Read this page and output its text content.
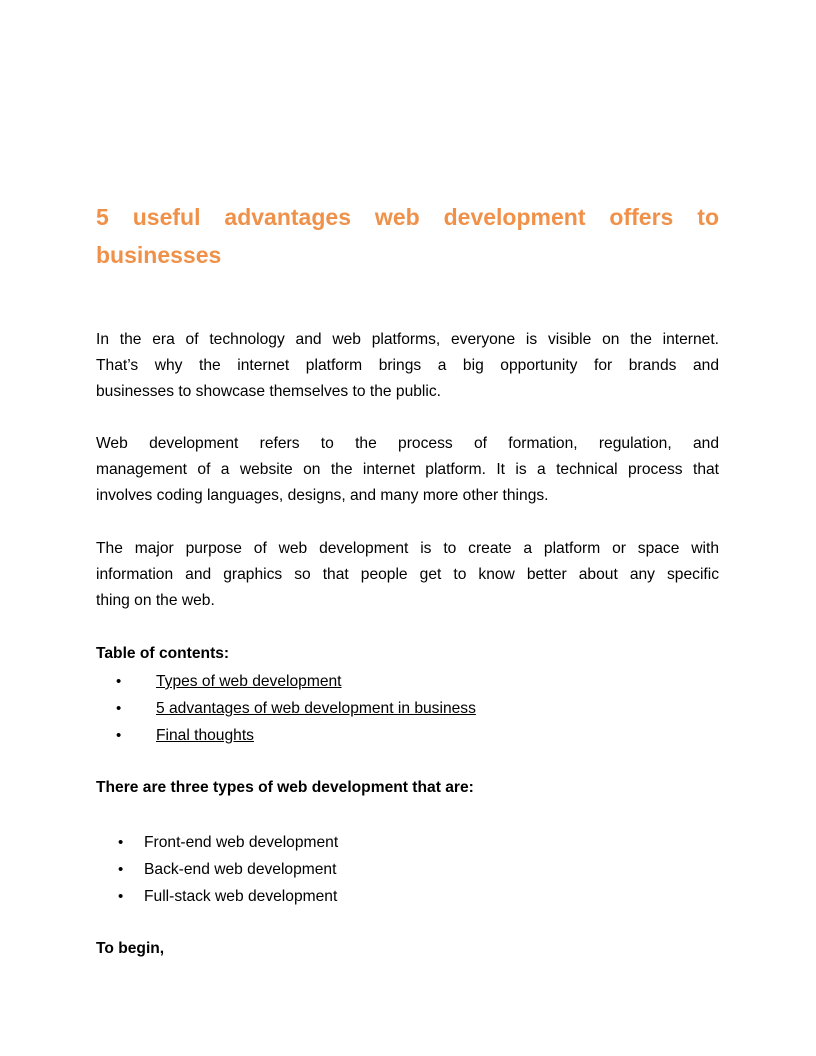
5 useful advantages web development offers to
businesses

In the era of technology and web platforms, everyone is visible on the internet.
That’s why the internet platform brings a big opportunity for brands and
businesses to showcase themselves to the public.

Web development refers to the process of formation, regulation, and
management of a website on the internet platform. It is a technical process that
involves coding languages, designs, and many more other things.

The major purpose of web development is to create a platform or space with
information and graphics so that people get to know better about any specific
thing on the web.

Table of contents:

• Types of web development
• 5 advantages of web development in business
• Final thoughts

There are three types of web development that are:

• Front-end web development
• Back-end web development
• Full-stack web development

To begin,
